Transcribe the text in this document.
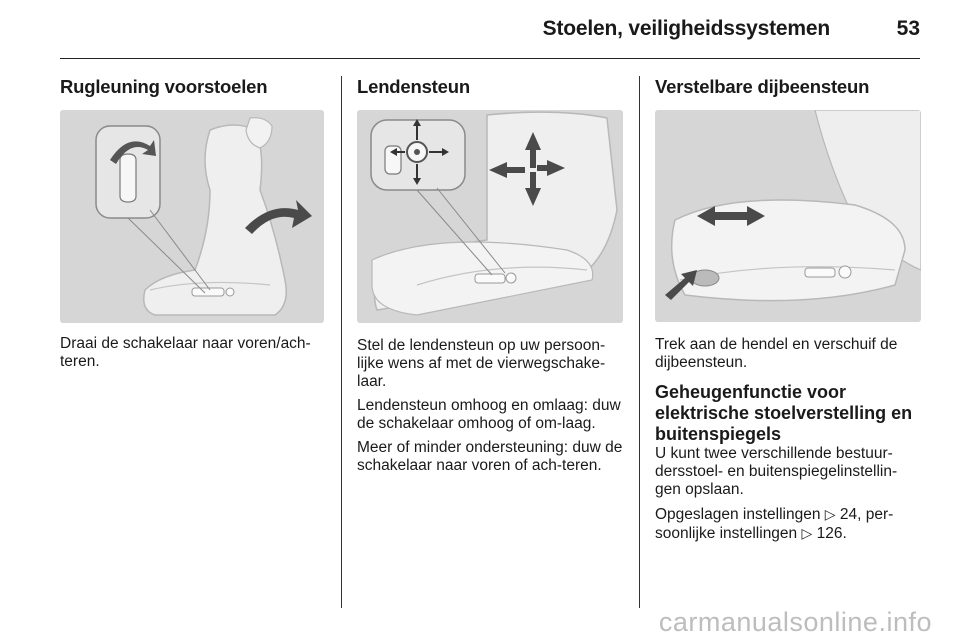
Stoelen, veiligheidssystemen	53
Rugleuning voorstoelen

Draai de schakelaar naar voren/ach-teren.

Lendensteun

Stel de lendensteun op uw persoon-lijke wens af met de vierwegschake-laar.

Lendensteun omhoog en omlaag: duw de schakelaar omhoog of om-laag.

Meer of minder ondersteuning: duw de schakelaar naar voren of ach-teren.

Verstelbare dijbeensteun

Trek aan de hendel en verschuif de dijbeensteun.

Geheugenfunctie voor elektrische stoelverstelling en buitenspiegels

U kunt twee verschillende bestuur-dersstoel- en buitenspiegelinstellin-gen opslaan.

Opgeslagen instellingen ▷ 24, per-soonlijke instellingen ▷ 126.

carmanualsonline.info
